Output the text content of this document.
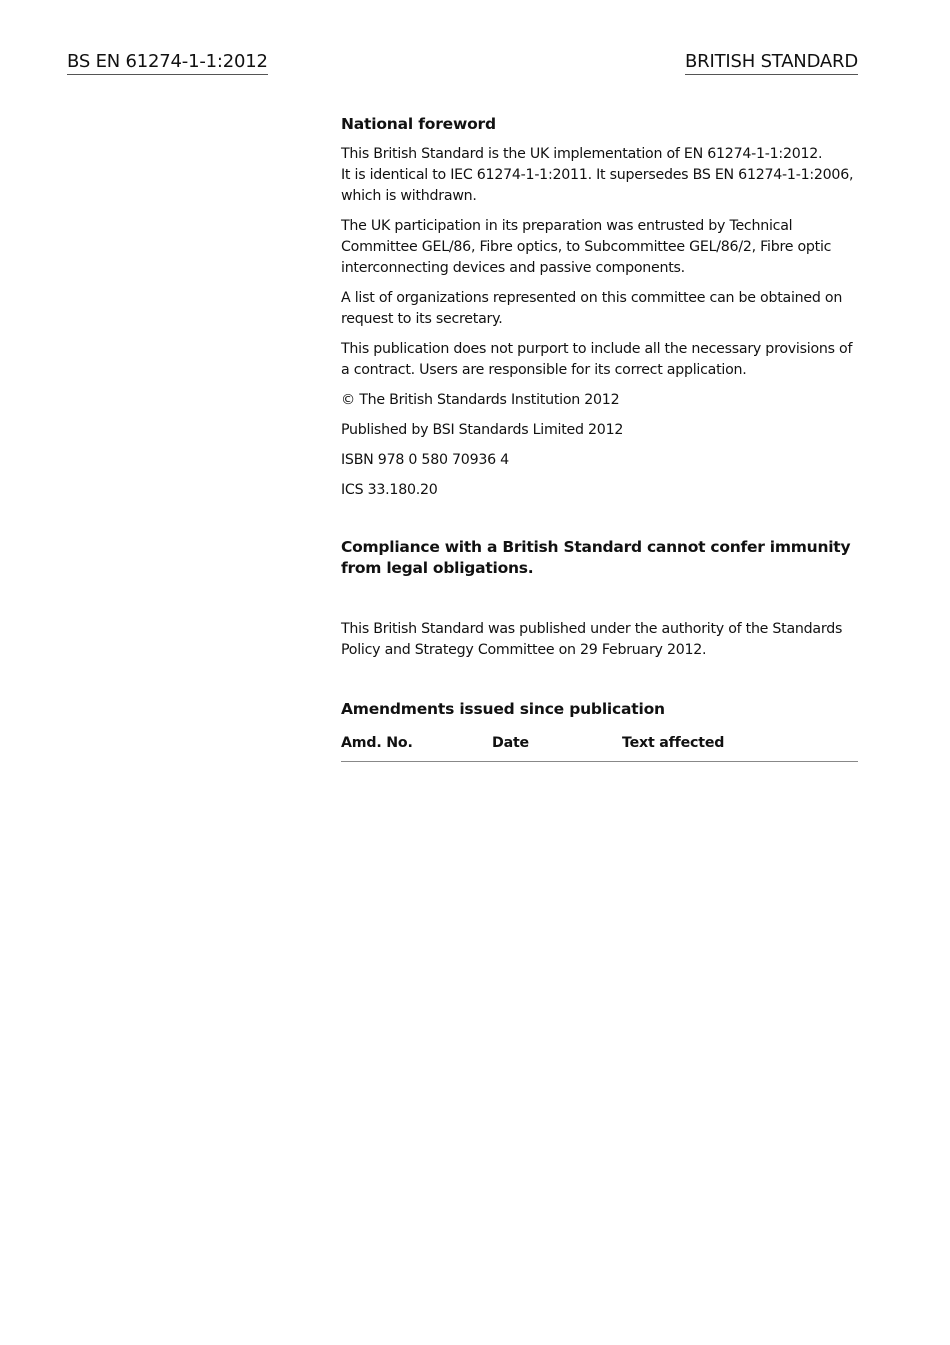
BS EN 61274-1-1:2012	BRITISH STANDARD
National foreword
This British Standard is the UK implementation of EN 61274-1-1:2012.
It is identical to IEC 61274-1-1:2011. It supersedes BS EN 61274-1-1:2006, which is withdrawn.
The UK participation in its preparation was entrusted by Technical Committee GEL/86, Fibre optics, to Subcommittee GEL/86/2, Fibre optic interconnecting devices and passive components.
A list of organizations represented on this committee can be obtained on request to its secretary.
This publication does not purport to include all the necessary provisions of a contract. Users are responsible for its correct application.
© The British Standards Institution 2012
Published by BSI Standards Limited 2012
ISBN 978 0 580 70936 4
ICS 33.180.20
Compliance with a British Standard cannot confer immunity from legal obligations.
This British Standard was published under the authority of the Standards Policy and Strategy Committee on 29 February 2012.
Amendments issued since publication
Amd. No.	Date	Text affected
